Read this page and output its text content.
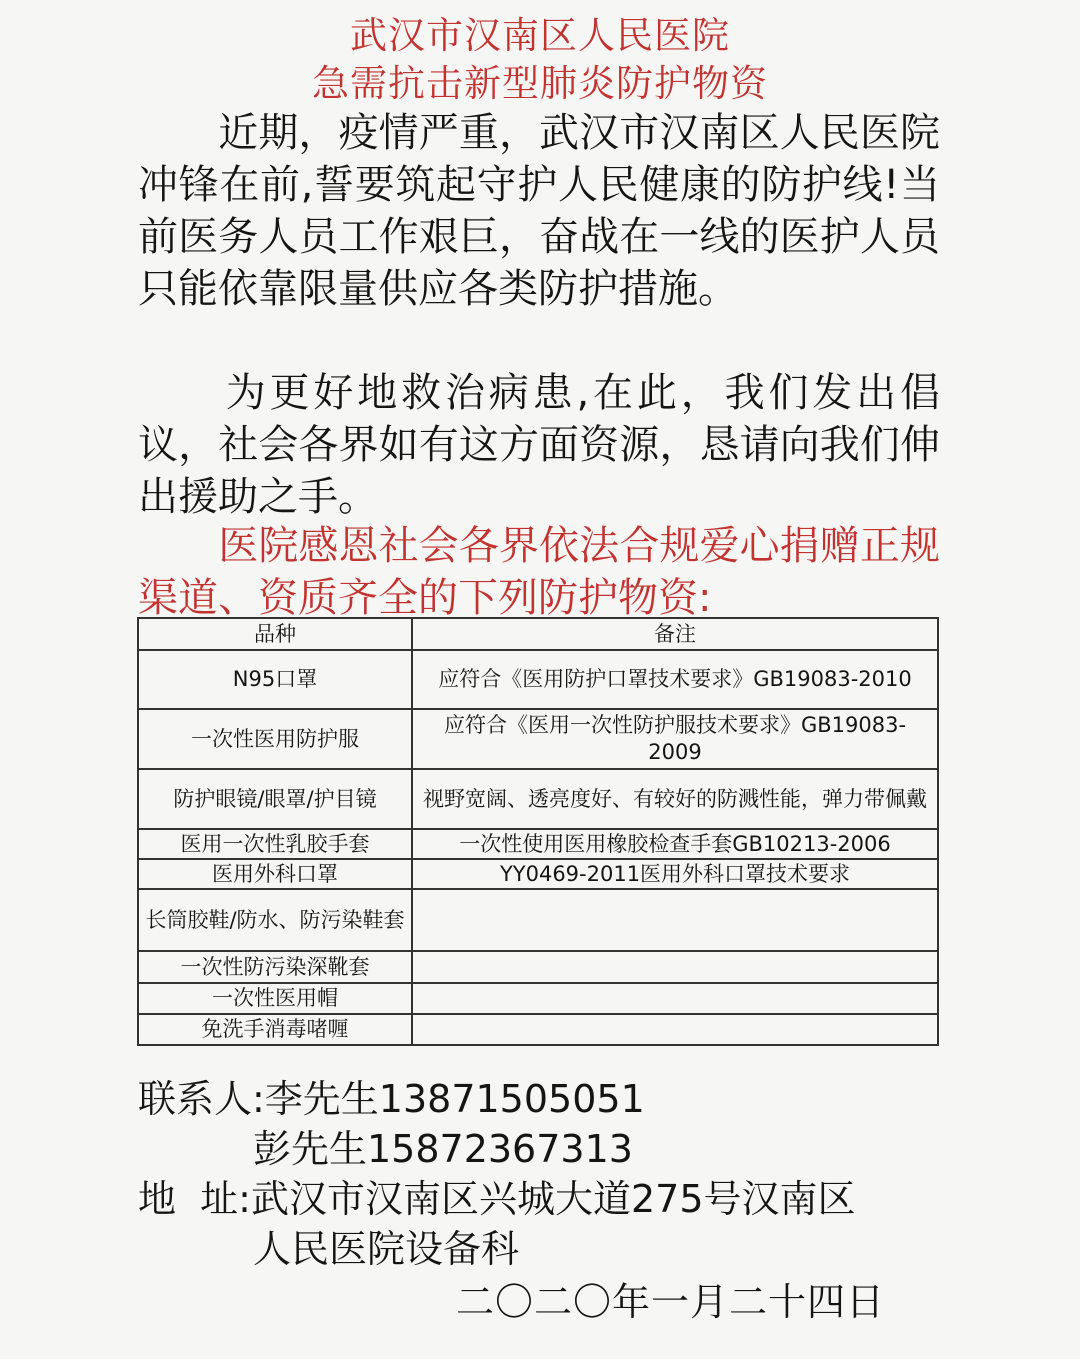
武汉市汉南区人民医院
急需抗击新型肺炎防护物资

　　近期，疫情严重，武汉市汉南区人民医院冲锋在前,誓要筑起守护人民健康的防护线!当前医务人员工作艰巨，奋战在一线的医护人员只能依靠限量供应各类防护措施。

　　为更好地救治病患,在此，我们发出倡议，社会各界如有这方面资源，恳请向我们伸出援助之手。

　　医院感恩社会各界依法合规爱心捐赠正规渠道、资质齐全的下列防护物资:

品种	备注
N95口罩	应符合《医用防护口罩技术要求》GB19083-2010
一次性医用防护服	应符合《医用一次性防护服技术要求》GB19083-2009
防护眼镜/眼罩/护目镜	视野宽阔、透亮度好、有较好的防溅性能，弹力带佩戴
医用一次性乳胶手套	一次性使用医用橡胶检查手套GB10213-2006
医用外科口罩	YY0469-2011医用外科口罩技术要求
长筒胶鞋/防水、防污染鞋套	
一次性防污染深靴套	
一次性医用帽	
免洗手消毒啫喱	
联系人:李先生13871505051
彭先生15872367313
地  址:武汉市汉南区兴城大道275号汉南区
人民医院设备科
二〇二〇年一月二十四日
